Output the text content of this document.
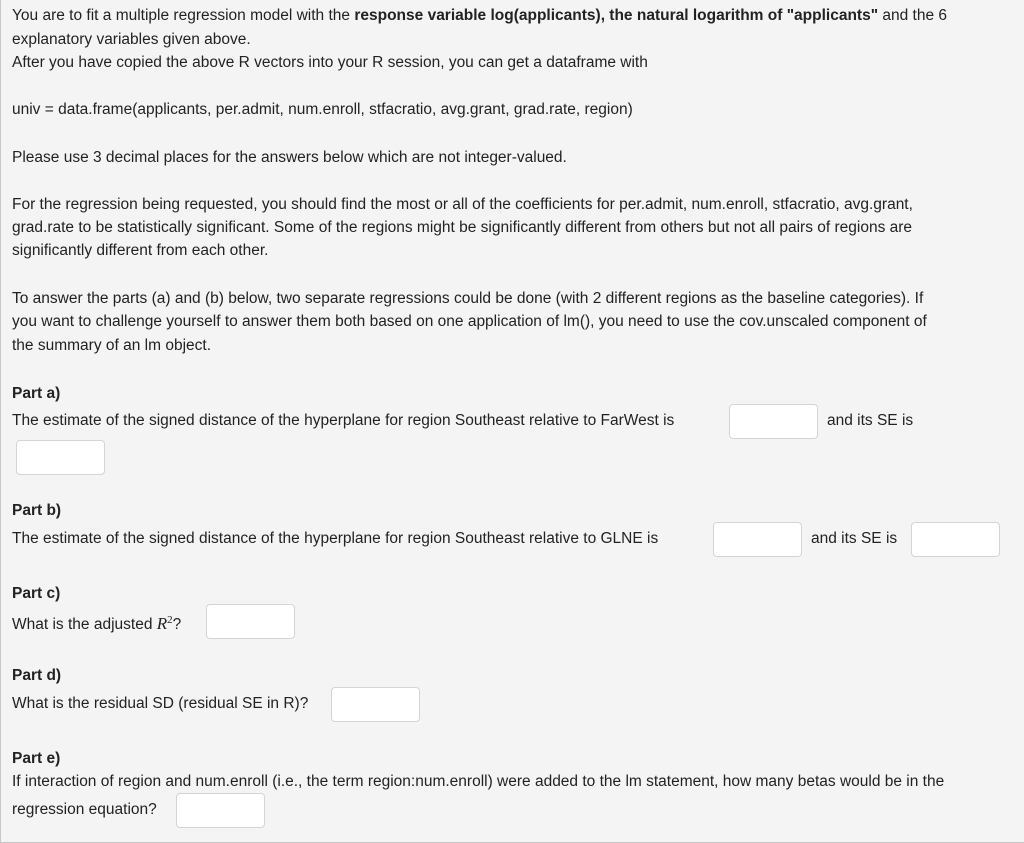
You are to fit a multiple regression model with the response variable log(applicants), the natural logarithm of "applicants" and the 6
explanatory variables given above.
After you have copied the above R vectors into your R session, you can get a dataframe with
univ = data.frame(applicants, per.admit, num.enroll, stfacratio, avg.grant, grad.rate, region)
Please use 3 decimal places for the answers below which are not integer-valued.
For the regression being requested, you should find the most or all of the coefficients for per.admit, num.enroll, stfacratio, avg.grant,
grad.rate to be statistically significant. Some of the regions might be significantly different from others but not all pairs of regions are
significantly different from each other.
To answer the parts (a) and (b) below, two separate regressions could be done (with 2 different regions as the baseline categories). If
you want to challenge yourself to answer them both based on one application of lm(), you need to use the cov.unscaled component of
the summary of an lm object.
Part a)
The estimate of the signed distance of the hyperplane for region Southeast relative to FarWest is	and its SE is
Part b)
The estimate of the signed distance of the hyperplane for region Southeast relative to GLNE is	and its SE is
Part c)
What is the adjusted $R^2$?
Part d)
What is the residual SD (residual SE in R)?
Part e)
If interaction of region and num.enroll (i.e., the term region:num.enroll) were added to the lm statement, how many betas would be in the
regression equation?
